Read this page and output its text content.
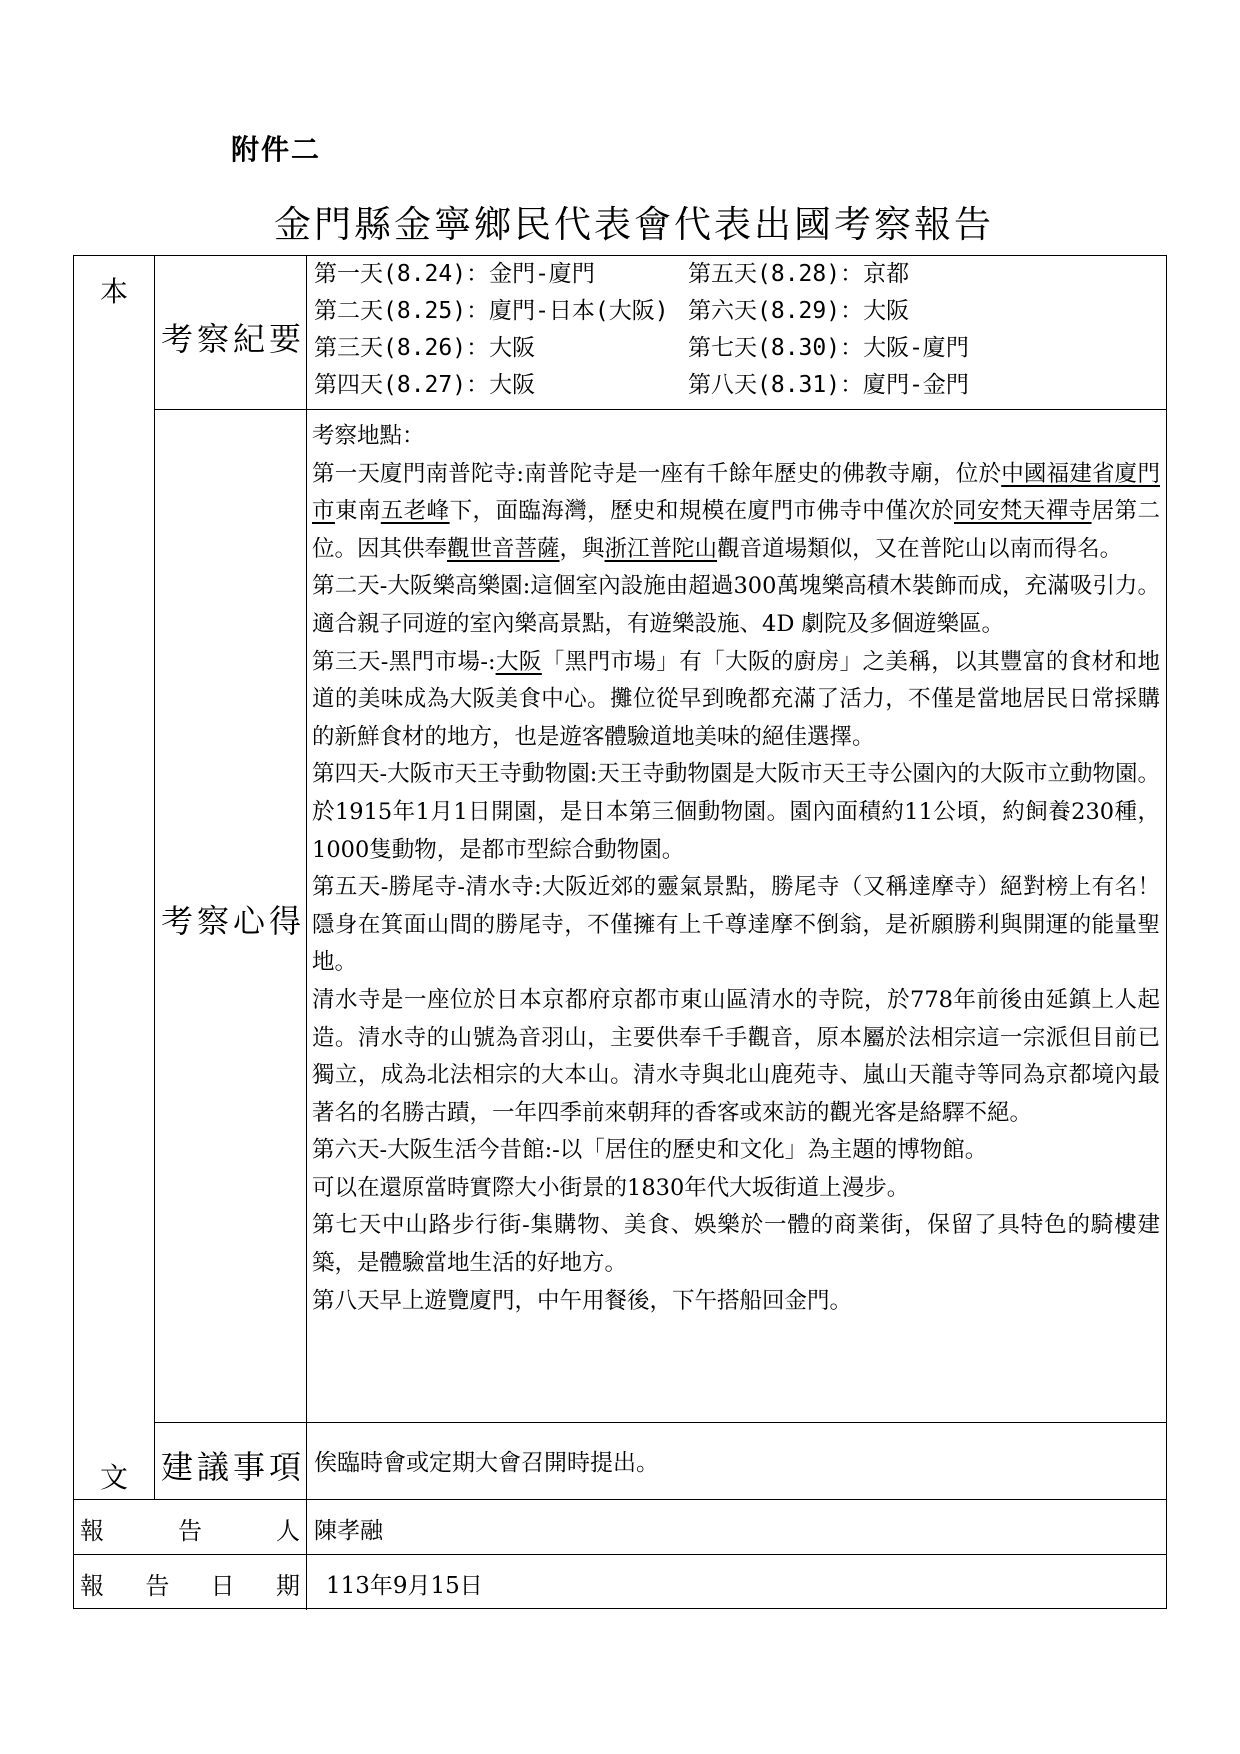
附件二
金門縣金寧鄉民代表會代表出國考察報告
本
文
考察紀要
第一天(8.24)：金門-廈門
第二天(8.25)：廈門-日本(大阪)
第三天(8.26)：大阪
第四天(8.27)：大阪
第五天(8.28)：京都
第六天(8.29)：大阪
第七天(8.30)：大阪-廈門
第八天(8.31)：廈門-金門
考察心得

考察地點：

第一天廈門南普陀寺:南普陀寺是一座有千餘年歷史的佛教寺廟，位於中國福建省廈門市東南五老峰下，面臨海灣，歷史和規模在廈門市佛寺中僅次於同安梵天禪寺居第二位。因其供奉觀世音菩薩，與浙江普陀山觀音道場類似，又在普陀山以南而得名。

第二天-大阪樂高樂園:這個室內設施由超過300萬塊樂高積木裝飾而成，充滿吸引力。適合親子同遊的室內樂高景點，有遊樂設施、4D 劇院及多個遊樂區。

第三天-黑門市場-:大阪「黑門市場」有「大阪的廚房」之美稱，以其豐富的食材和地道的美味成為大阪美食中心。攤位從早到晚都充滿了活力，不僅是當地居民日常採購的新鮮食材的地方，也是遊客體驗道地美味的絕佳選擇。

第四天-大阪市天王寺動物園:天王寺動物園是大阪市天王寺公園內的大阪市立動物園。於1915年1月1日開園，是日本第三個動物園。園內面積約11公頃，約飼養230種，1000隻動物，是都市型綜合動物園。

第五天-勝尾寺-清水寺:大阪近郊的靈氣景點，勝尾寺（又稱達摩寺）絕對榜上有名！隱身在箕面山間的勝尾寺，不僅擁有上千尊達摩不倒翁，是祈願勝利與開運的能量聖地。

清水寺是一座位於日本京都府京都市東山區清水的寺院，於778年前後由延鎮上人起造。清水寺的山號為音羽山，主要供奉千手觀音，原本屬於法相宗這一宗派但目前已獨立，成為北法相宗的大本山。清水寺與北山鹿苑寺、嵐山天龍寺等同為京都境內最著名的名勝古蹟，一年四季前來朝拜的香客或來訪的觀光客是絡驛不絕。

第六天-大阪生活今昔館:-以「居住的歷史和文化」為主題的博物館。

可以在還原當時實際大小街景的1830年代大坂街道上漫步。

第七天中山路步行街-集購物、美食、娛樂於一體的商業街，保留了具特色的騎樓建築，是體驗當地生活的好地方。

第八天早上遊覽廈門，中午用餐後，下午搭船回金門。

建議事項 俟臨時會或定期大會召開時提出。
報	告	人 陳孝融
報 告 日 期 113年9月15日
